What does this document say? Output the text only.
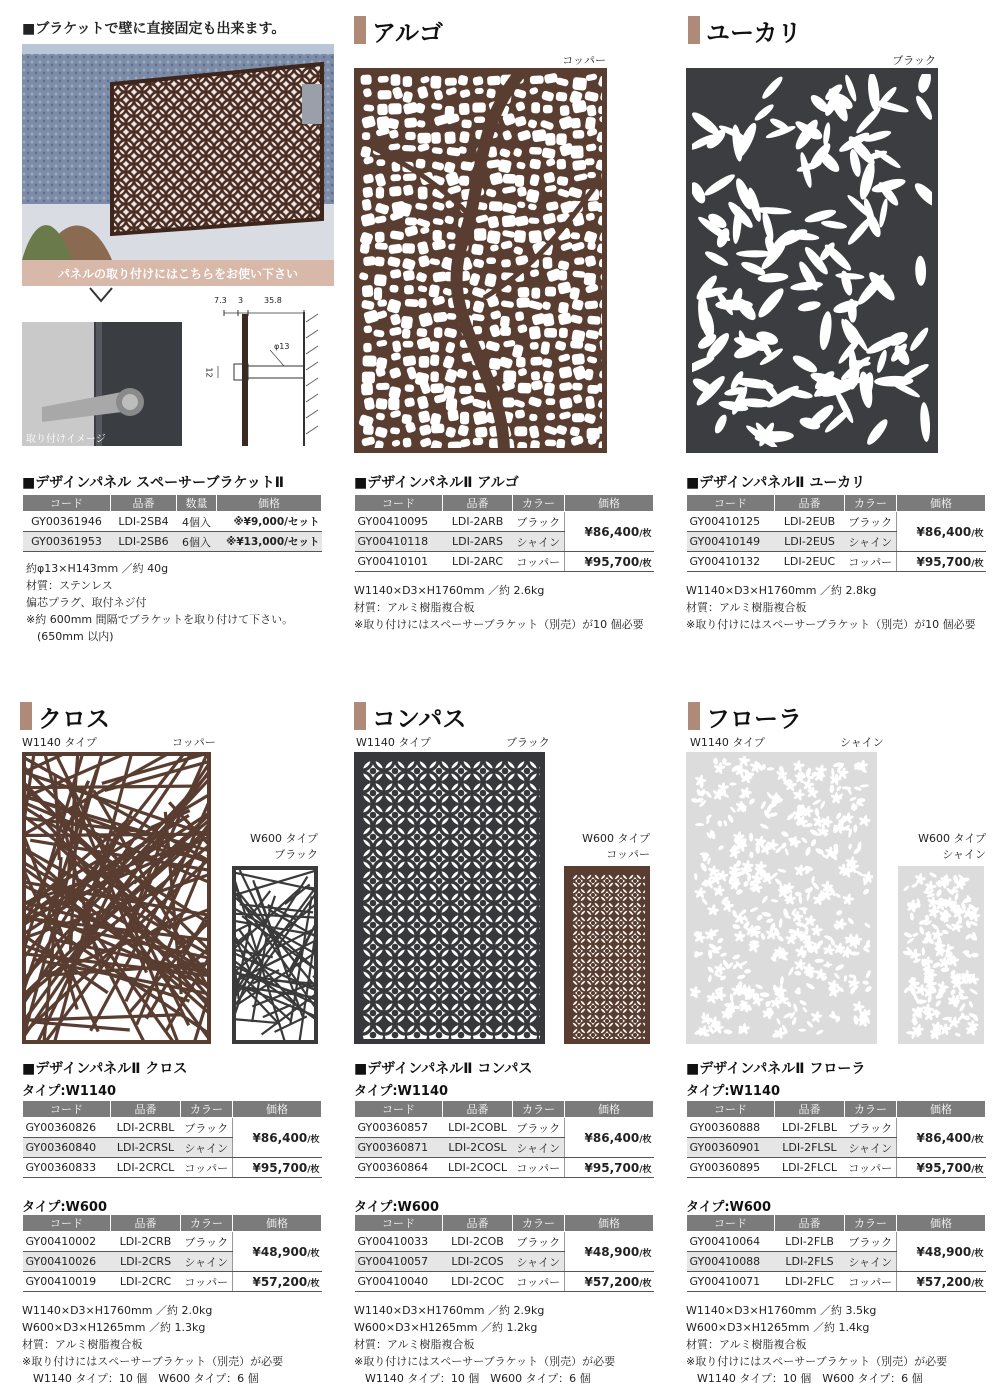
■ブラケットで壁に直接固定も出来ます。
パネルの取り付けにはこちらをお使い下さい
取り付けイメージ
7.3 3	35.8
12
φ13
■デザインパネル スペーサーブラケットⅡ
コード	品番	数量	価格
GY00361946	LDI-2SB4	4個入	※¥9,000/セット
GY00361953	LDI-2SB6	6個入	※¥13,000/セット
約φ13×H143mm ／約 40g
材質：ステンレス
偏芯プラグ、取付ネジ付
※約 600mm 間隔でブラケットを取り付けて下さい。
　(650mm 以内)
アルゴ
コッパー
■デザインパネルⅡ アルゴ
コード	品番	カラー	価格
GY00410095	LDI-2ARB	ブラック	¥86,400/枚
GY00410118	LDI-2ARS	シャイン	
GY00410101	LDI-2ARC	コッパー	¥95,700/枚
W1140×D3×H1760mm ／約 2.6kg
材質：アルミ樹脂複合板
※取り付けにはスペーサーブラケット（別売）が10 個必要
ユーカリ
ブラック
■デザインパネルⅡ ユーカリ
コード	品番	カラー	価格
GY00410125	LDI-2EUB	ブラック	¥86,400/枚
GY00410149	LDI-2EUS	シャイン	
GY00410132	LDI-2EUC	コッパー	¥95,700/枚
W1140×D3×H1760mm ／約 2.8kg
材質：アルミ樹脂複合板
※取り付けにはスペーサーブラケット（別売）が10 個必要
クロス
W1140 タイプ	コッパー
W600 タイプ
ブラック
■デザインパネルⅡ クロス
タイプ:W1140
コード	品番	カラー	価格
GY00360826	LDI-2CRBL	ブラック	¥86,400/枚
GY00360840	LDI-2CRSL	シャイン	
GY00360833	LDI-2CRCL	コッパー	¥95,700/枚
タイプ:W600
コード	品番	カラー	価格
GY00410002	LDI-2CRB	ブラック	¥48,900/枚
GY00410026	LDI-2CRS	シャイン	
GY00410019	LDI-2CRC	コッパー	¥57,200/枚
W1140×D3×H1760mm ／約 2.0kg
W600×D3×H1265mm ／約 1.3kg
材質：アルミ樹脂複合板
※取り付けにはスペーサーブラケット（別売）が必要
　W1140 タイプ：10 個　W600 タイプ：6 個
コンパス
W1140 タイプ	ブラック
W600 タイプ
コッパー
■デザインパネルⅡ コンパス
タイプ:W1140
コード	品番	カラー	価格
GY00360857	LDI-2COBL	ブラック	¥86,400/枚
GY00360871	LDI-2COSL	シャイン	
GY00360864	LDI-2COCL	コッパー	¥95,700/枚
タイプ:W600
コード	品番	カラー	価格
GY00410033	LDI-2COB	ブラック	¥48,900/枚
GY00410057	LDI-2COS	シャイン	
GY00410040	LDI-2COC	コッパー	¥57,200/枚
W1140×D3×H1760mm ／約 2.9kg
W600×D3×H1265mm ／約 1.2kg
材質：アルミ樹脂複合板
※取り付けにはスペーサーブラケット（別売）が必要
　W1140 タイプ：10 個　W600 タイプ：6 個
フローラ
W1140 タイプ	シャイン
W600 タイプ
シャイン
■デザインパネルⅡ フローラ
タイプ:W1140
コード	品番	カラー	価格
GY00360888	LDI-2FLBL	ブラック	¥86,400/枚
GY00360901	LDI-2FLSL	シャイン	
GY00360895	LDI-2FLCL	コッパー	¥95,700/枚
タイプ:W600
コード	品番	カラー	価格
GY00410064	LDI-2FLB	ブラック	¥48,900/枚
GY00410088	LDI-2FLS	シャイン	
GY00410071	LDI-2FLC	コッパー	¥57,200/枚
W1140×D3×H1760mm ／約 3.5kg
W600×D3×H1265mm ／約 1.4kg
材質：アルミ樹脂複合板
※取り付けにはスペーサーブラケット（別売）が必要
　W1140 タイプ：10 個　W600 タイプ：6 個
